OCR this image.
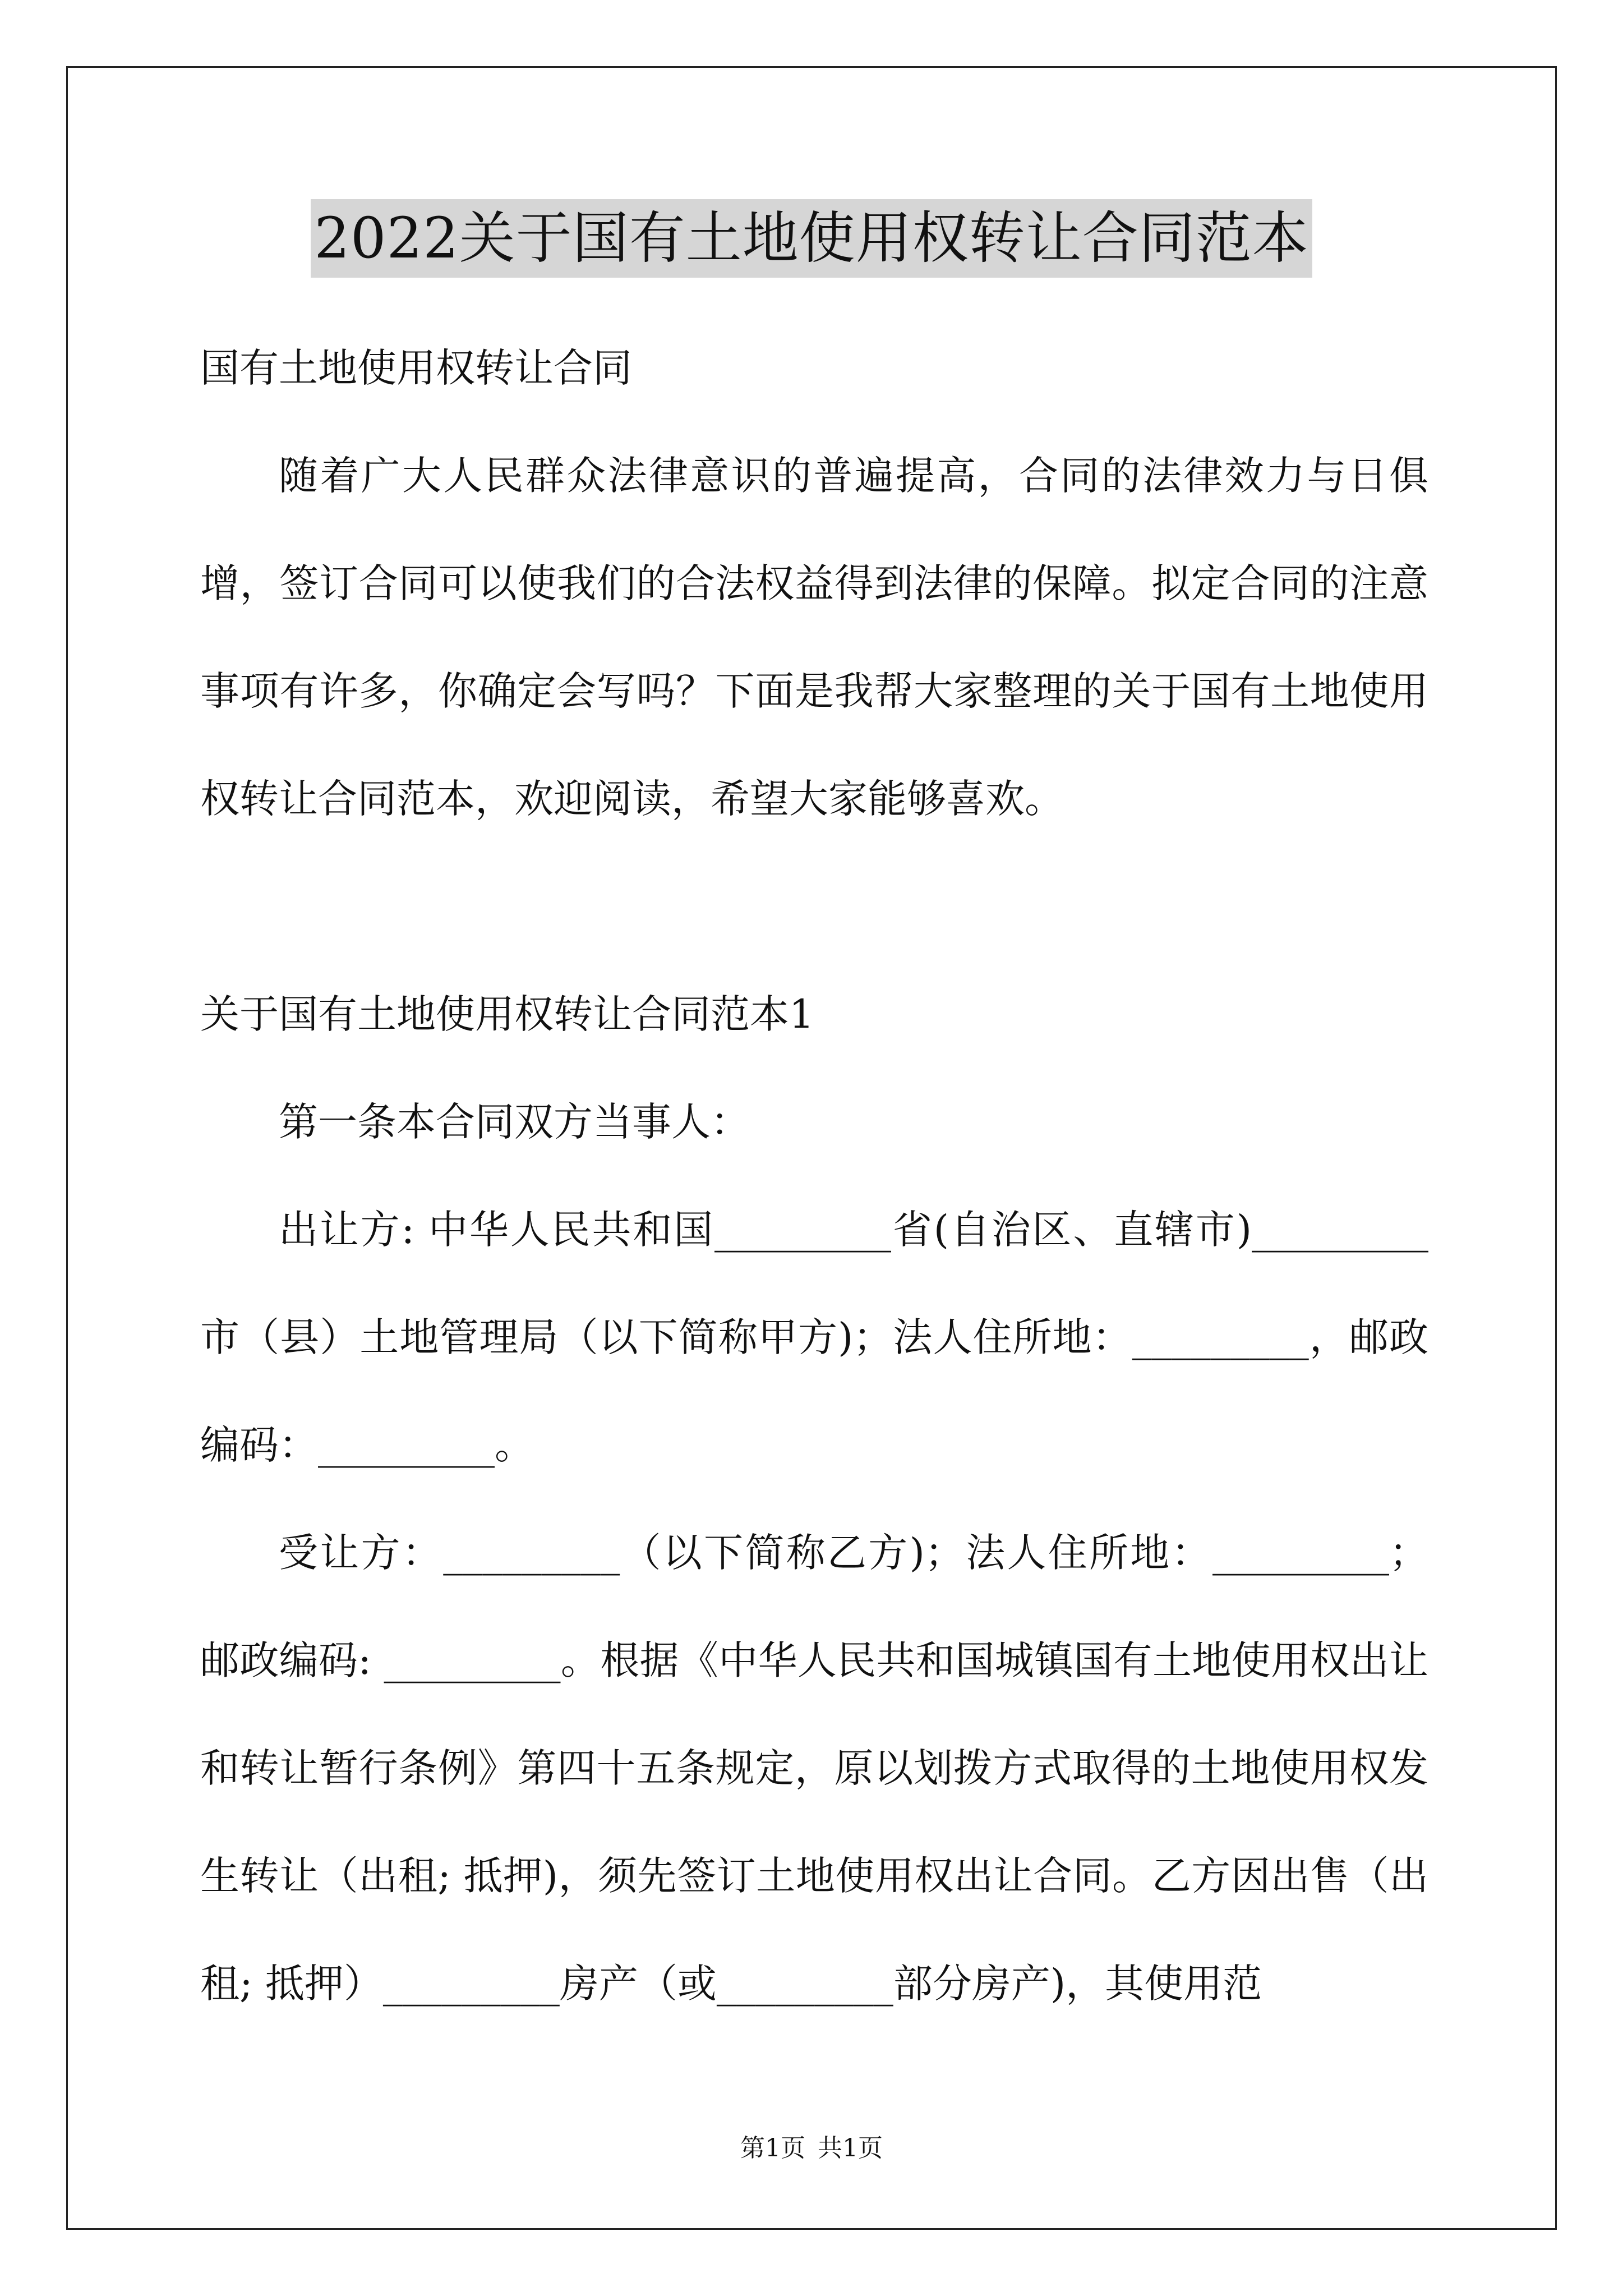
2022关于国有土地使用权转让合同范本

国有土地使用权转让合同

随着广大人民群众法律意识的普遍提高，合同的法律效力与日俱增，签订合同可以使我们的合法权益得到法律的保障。拟定合同的注意事项有许多，你确定会写吗？下面是我帮大家整理的关于国有土地使用权转让合同范本，欢迎阅读，希望大家能够喜欢。

关于国有土地使用权转让合同范本1

第一条本合同双方当事人：

出让方: 中华人民共和国_________省(自治区、直辖市)_________市（县）土地管理局（以下简称甲方)；法人住所地：_________，邮政编码：_________。

受让方：_________（以下简称乙方)；法人住所地：_________；邮政编码: _________。根据《中华人民共和国城镇国有土地使用权出让和转让暂行条例》第四十五条规定，原以划拨方式取得的土地使用权发生转让（出租; 抵押)，须先签订土地使用权出让合同。乙方因出售（出租; 抵押）_________房产（或_________部分房产)，其使用范

第1页 共1页
